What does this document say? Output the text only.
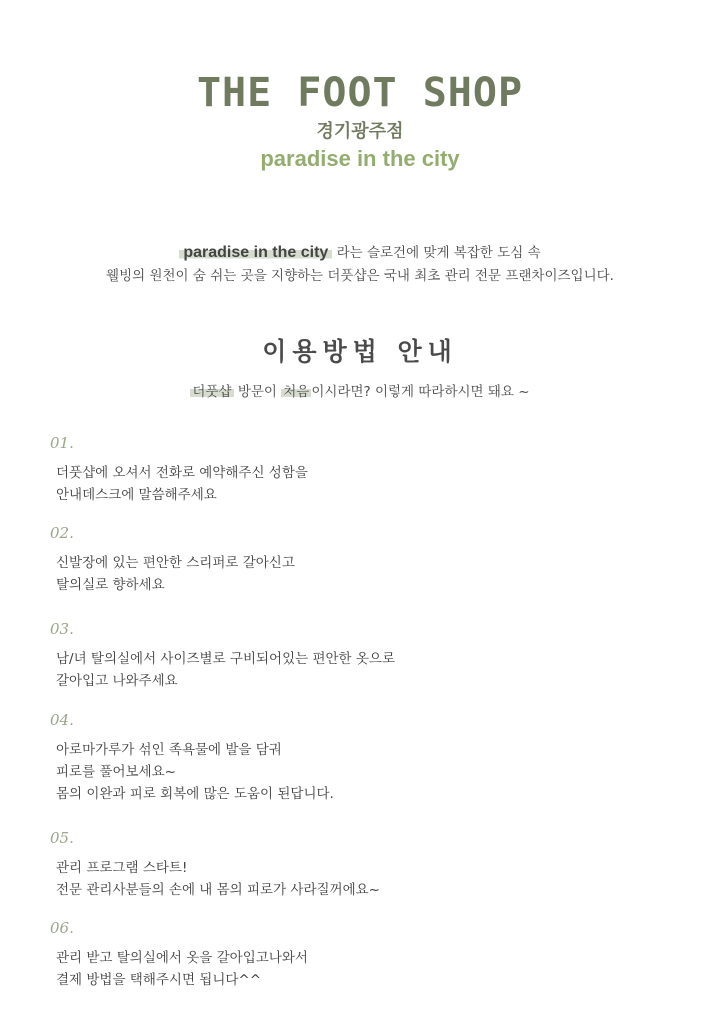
THE FOOT SHOP
경기광주점
paradise in the city
paradise in the city 라는 슬로건에 맞게 복잡한 도심 속
웰빙의 원천이 숨 쉬는 곳을 지향하는 더풋샵은 국내 최초 관리 전문 프랜차이즈입니다.
이용방법 안내
더풋샵 방문이 처음 이시라면? 이렇게 따라하시면 돼요 ~
01.
더풋샵에 오셔서 전화로 예약해주신 성함을
안내데스크에 말씀해주세요
02.
신발장에 있는 편안한 스리퍼로 갈아신고
탈의실로 향하세요
03.
남/녀 탈의실에서 사이즈별로 구비되어있는 편안한 옷으로
갈아입고 나와주세요
04.
아로마가루가 섞인 족욕물에 발을 담궈
피로를 풀어보세요~
몸의 이완과 피로 회복에 많은 도움이 된답니다.
05.
관리 프로그램 스타트!
전문 관리사분들의 손에 내 몸의 피로가 사라질꺼에요~
06.
관리 받고 탈의실에서 옷을 갈아입고나와서
결제 방법을 택해주시면 됩니다^^
